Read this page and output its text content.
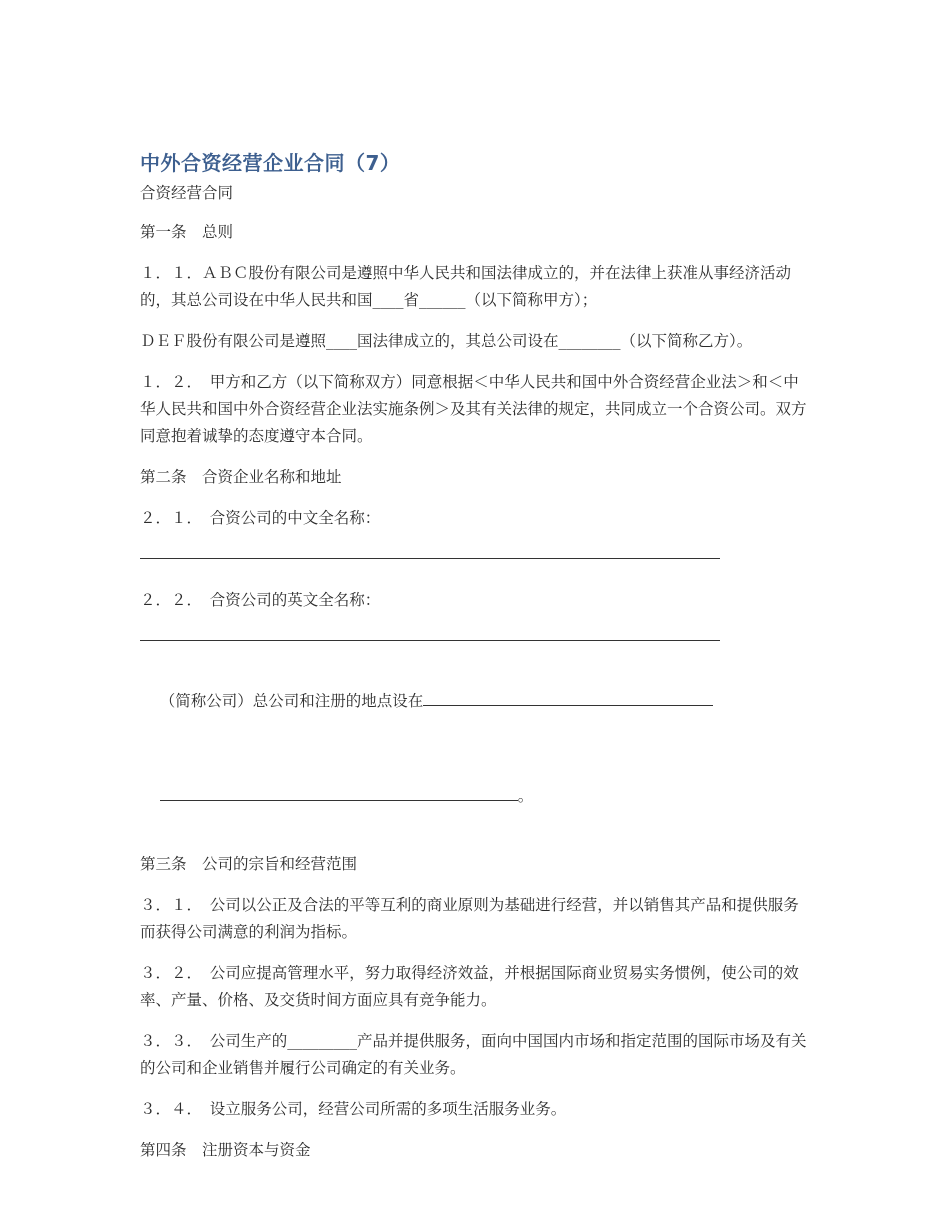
中外合资经营企业合同（7）
合资经营合同
第一条　总则
１．１．ＡＢＣ股份有限公司是遵照中华人民共和国法律成立的，并在法律上获准从事经济活动的，其总公司设在中华人民共和国____省______（以下简称甲方）；
ＤＥＦ股份有限公司是遵照____国法律成立的，其总公司设在________（以下简称乙方）。
１．２．　甲方和乙方（以下简称双方）同意根据＜中华人民共和国中外合资经营企业法＞和＜中华人民共和国中外合资经营企业法实施条例＞及其有关法律的规定，共同成立一个合资公司。双方同意抱着诚挚的态度遵守本合同。
第二条　合资企业名称和地址
２．１．　合资公司的中文全名称：
２．２．　合资公司的英文全名称：

（简称公司）总公司和注册的地点设在

。

第三条　公司的宗旨和经营范围
３．１．　公司以公正及合法的平等互利的商业原则为基础进行经营，并以销售其产品和提供服务而获得公司满意的利润为指标。
３．２．　公司应提高管理水平，努力取得经济效益，并根据国际商业贸易实务惯例，使公司的效率、产量、价格、及交货时间方面应具有竞争能力。
３．３．　公司生产的_________产品并提供服务，面向中国国内市场和指定范围的国际市场及有关的公司和企业销售并履行公司确定的有关业务。
３．４．　设立服务公司，经营公司所需的多项生活服务业务。
第四条　注册资本与资金
